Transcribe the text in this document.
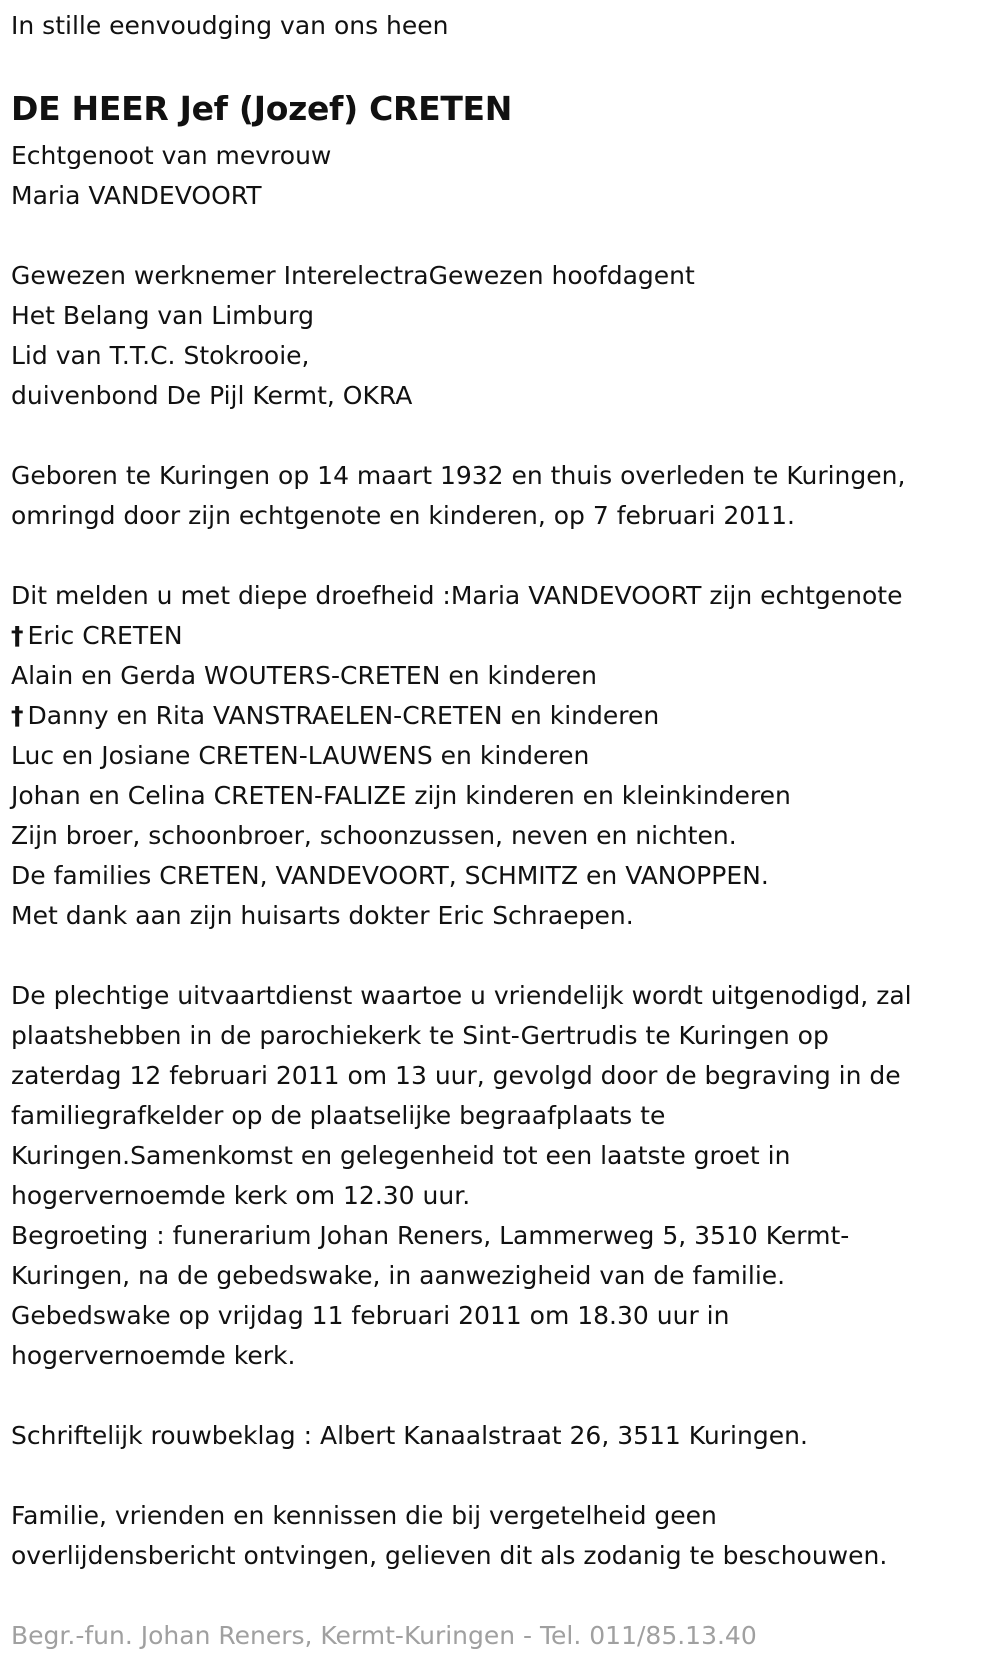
In stille eenvoudging van ons heen
DE HEER Jef (Jozef) CRETEN
Echtgenoot van mevrouw
Maria VANDEVOORT
Gewezen werknemer InterelectraGewezen hoofdagent
Het Belang van Limburg
Lid van T.T.C. Stokrooie,
duivenbond De Pijl Kermt, OKRA
Geboren te Kuringen op 14 maart 1932 en thuis overleden te Kuringen,
omringd door zijn echtgenote en kinderen, op 7 februari 2011.
Dit melden u met diepe droefheid :Maria VANDEVOORT zijn echtgenote
† Eric CRETEN
Alain en Gerda WOUTERS-CRETEN en kinderen
† Danny en Rita VANSTRAELEN-CRETEN en kinderen
Luc en Josiane CRETEN-LAUWENS en kinderen
Johan en Celina CRETEN-FALIZE zijn kinderen en kleinkinderen
Zijn broer, schoonbroer, schoonzussen, neven en nichten.
De families CRETEN, VANDEVOORT, SCHMITZ en VANOPPEN.
Met dank aan zijn huisarts dokter Eric Schraepen.
De plechtige uitvaartdienst waartoe u vriendelijk wordt uitgenodigd, zal
plaatshebben in de parochiekerk te Sint-Gertrudis te Kuringen op
zaterdag 12 februari 2011 om 13 uur, gevolgd door de begraving in de
familiegrafkelder op de plaatselijke begraafplaats te
Kuringen.Samenkomst en gelegenheid tot een laatste groet in
hogervernoemde kerk om 12.30 uur.
Begroeting : funerarium Johan Reners, Lammerweg 5, 3510 Kermt-
Kuringen, na de gebedswake, in aanwezigheid van de familie.
Gebedswake op vrijdag 11 februari 2011 om 18.30 uur in
hogervernoemde kerk.
Schriftelijk rouwbeklag : Albert Kanaalstraat 26, 3511 Kuringen.
Familie, vrienden en kennissen die bij vergetelheid geen
overlijdensbericht ontvingen, gelieven dit als zodanig te beschouwen.
Begr.-fun. Johan Reners, Kermt-Kuringen - Tel. 011/85.13.40
